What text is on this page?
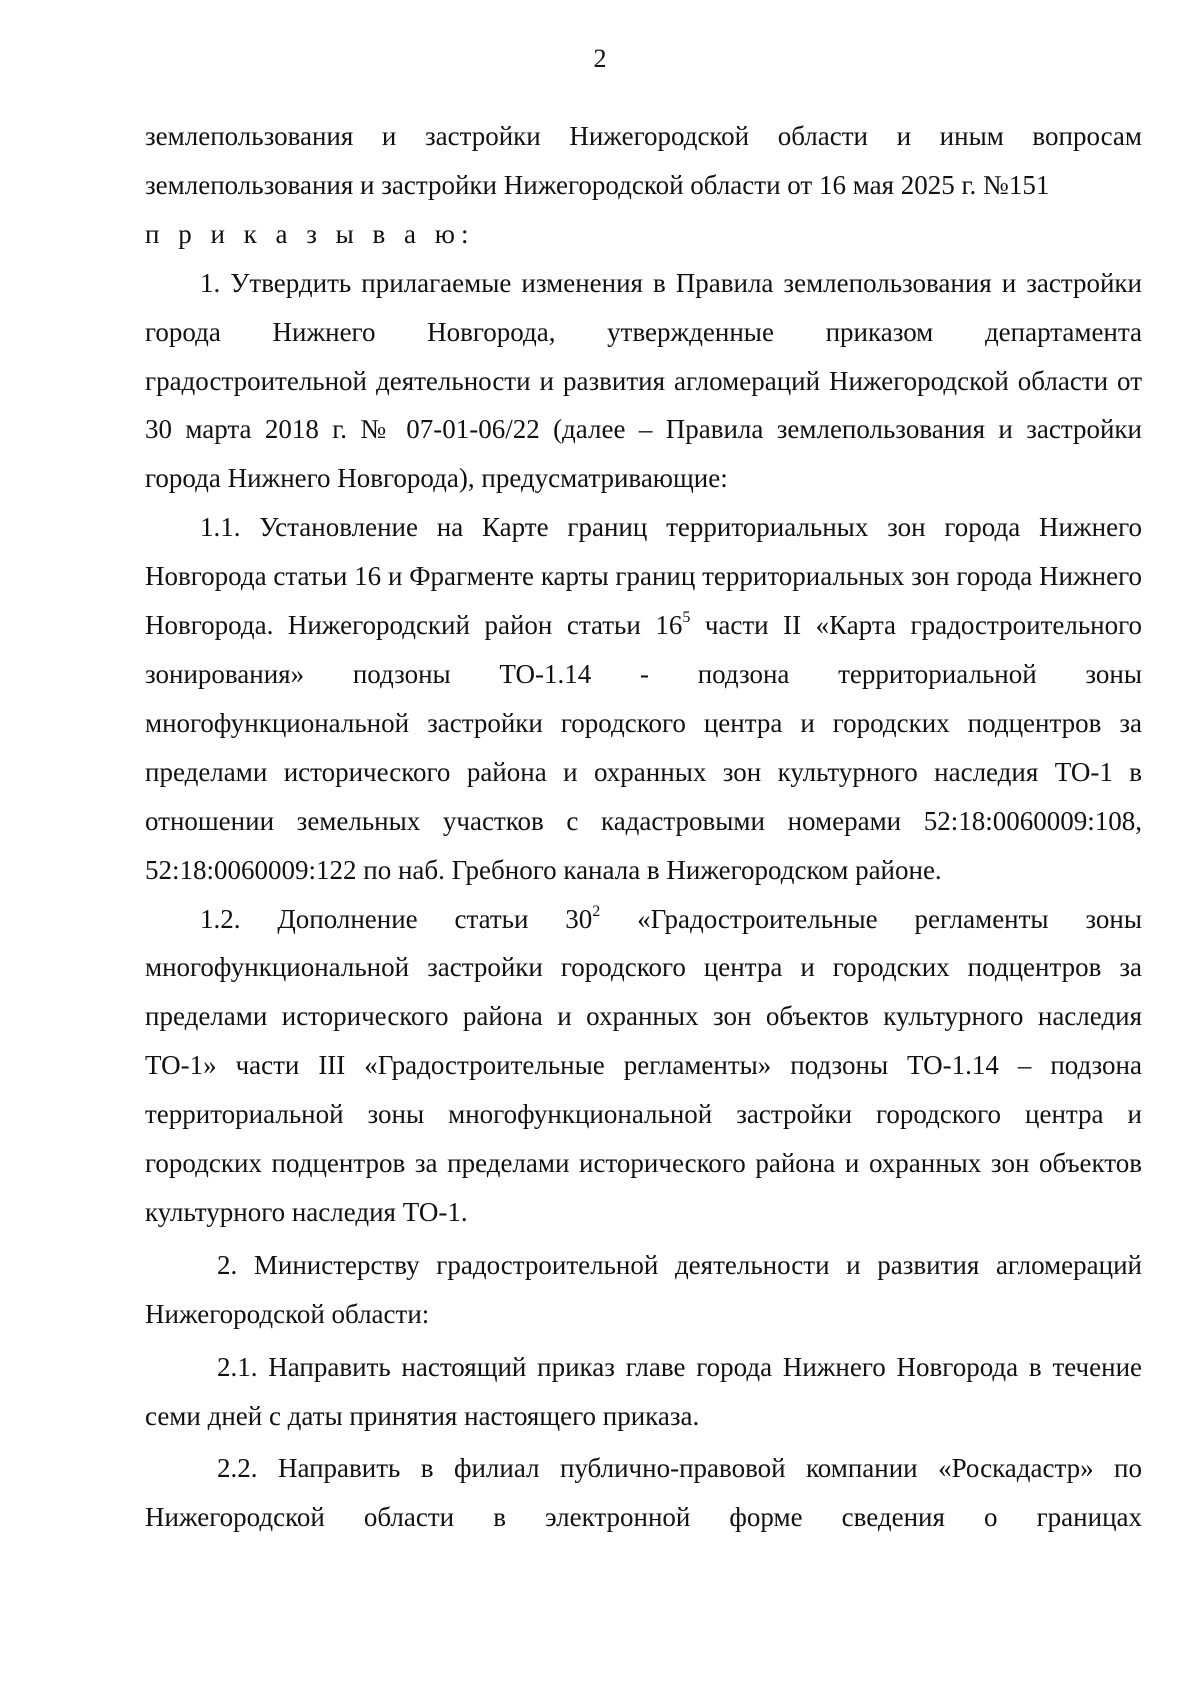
2

землепользования и застройки Нижегородской области и иным вопросам землепользования и застройки Нижегородской области от 16 мая 2025 г. №151

п р и к а з ы в а ю:

1. Утвердить прилагаемые изменения в Правила землепользования и застройки города Нижнего Новгорода, утвержденные приказом департамента градостроительной деятельности и развития агломераций Нижегородской области от 30 марта 2018 г. № 07-01-06/22 (далее – Правила землепользования и застройки города Нижнего Новгорода), предусматривающие:

1.1. Установление на Карте границ территориальных зон города Нижнего Новгорода статьи 16 и Фрагменте карты границ территориальных зон города Нижнего Новгорода. Нижегородский район статьи $16^5$ части II «Карта градостроительного зонирования» подзоны ТО-1.14 - подзона территориальной зоны многофункциональной застройки городского центра и городских подцентров за пределами исторического района и охранных зон культурного наследия ТО-1 в отношении земельных участков с кадастровыми номерами 52:18:0060009:108, 52:18:0060009:122 по наб. Гребного канала в Нижегородском районе.

1.2. Дополнение статьи $30^2$ «Градостроительные регламенты зоны многофункциональной застройки городского центра и городских подцентров за пределами исторического района и охранных зон объектов культурного наследия ТО-1» части III «Градостроительные регламенты» подзоны ТО-1.14 – подзона территориальной зоны многофункциональной застройки городского центра и городских подцентров за пределами исторического района и охранных зон объектов культурного наследия ТО-1.

2. Министерству градостроительной деятельности и развития агломераций Нижегородской области:

2.1. Направить настоящий приказ главе города Нижнего Новгорода в течение семи дней с даты принятия настоящего приказа.

2.2. Направить в филиал публично-правовой компании «Роскадастр» по Нижегородской области в электронной форме сведения о границах
